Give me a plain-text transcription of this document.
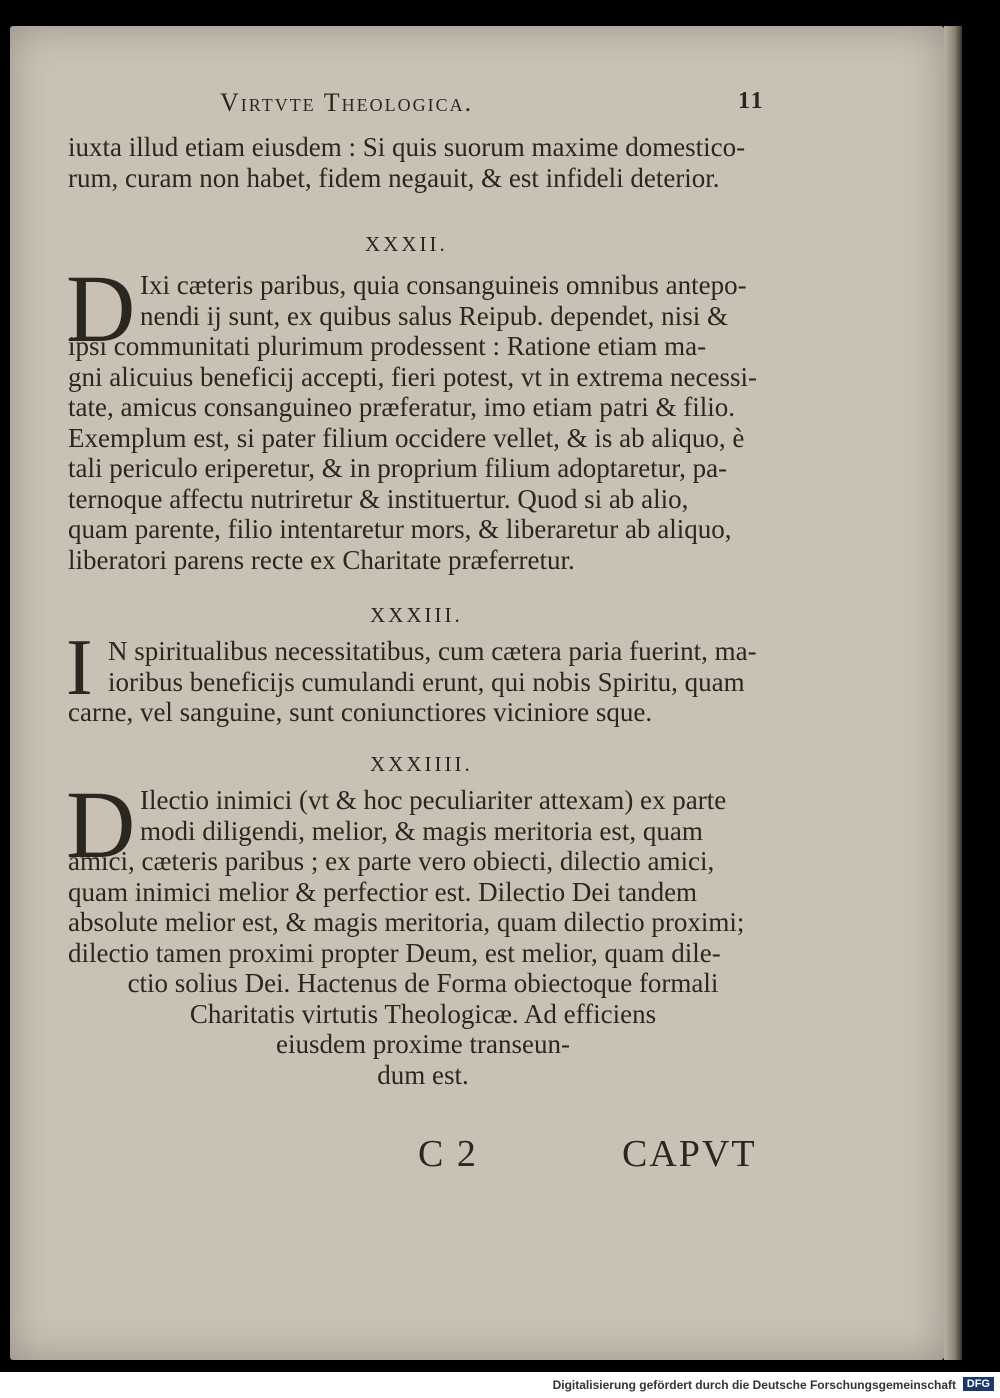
Virtvte Theologica.	11
iuxta illud etiam eiusdem : Si quis suorum maxime domestico-
rum, curam non habet, fidem negauit, & est infideli deterior.
XXXII.
D Ixi cæteris paribus, quia consanguineis omnibus antepo-
nendi ij sunt, ex quibus salus Reipub. dependet, nisi &
ipsi communitati plurimum prodessent : Ratione etiam ma-
gni alicuius beneficij accepti, fieri potest, vt in extrema necessi-
tate, amicus consanguineo præferatur, imo etiam patri & filio.
Exemplum est, si pater filium occidere vellet, & is ab aliquo, è
tali periculo eriperetur, & in proprium filium adoptaretur, pa-
ternoque affectu nutriretur & instituertur. Quod si ab alio,
quam parente, filio intentaretur mors, & liberaretur ab aliquo,
liberatori parens recte ex Charitate præferretur.
XXXIII.
I N spiritualibus necessitatibus, cum cætera paria fuerint, ma-
ioribus beneficijs cumulandi erunt, qui nobis Spiritu, quam
carne, vel sanguine, sunt coniunctiores viciniore sque.
XXXIIII.
D Ilectio inimici (vt & hoc peculiariter attexam) ex parte
modi diligendi, melior, & magis meritoria est, quam
amici, cæteris paribus ; ex parte vero obiecti, dilectio amici,
quam inimici melior & perfectior est. Dilectio Dei tandem
absolute melior est, & magis meritoria, quam dilectio proximi;
dilectio tamen proximi propter Deum, est melior, quam dile-
ctio solius Dei. Hactenus de Forma obiectoque formali
Charitatis virtutis Theologicæ. Ad efficiens
eiusdem proxime transeun-
dum est.
C 2	CAPVT
Digitalisierung gefördert durch die Deutsche Forschungsgemeinschaft DFG
